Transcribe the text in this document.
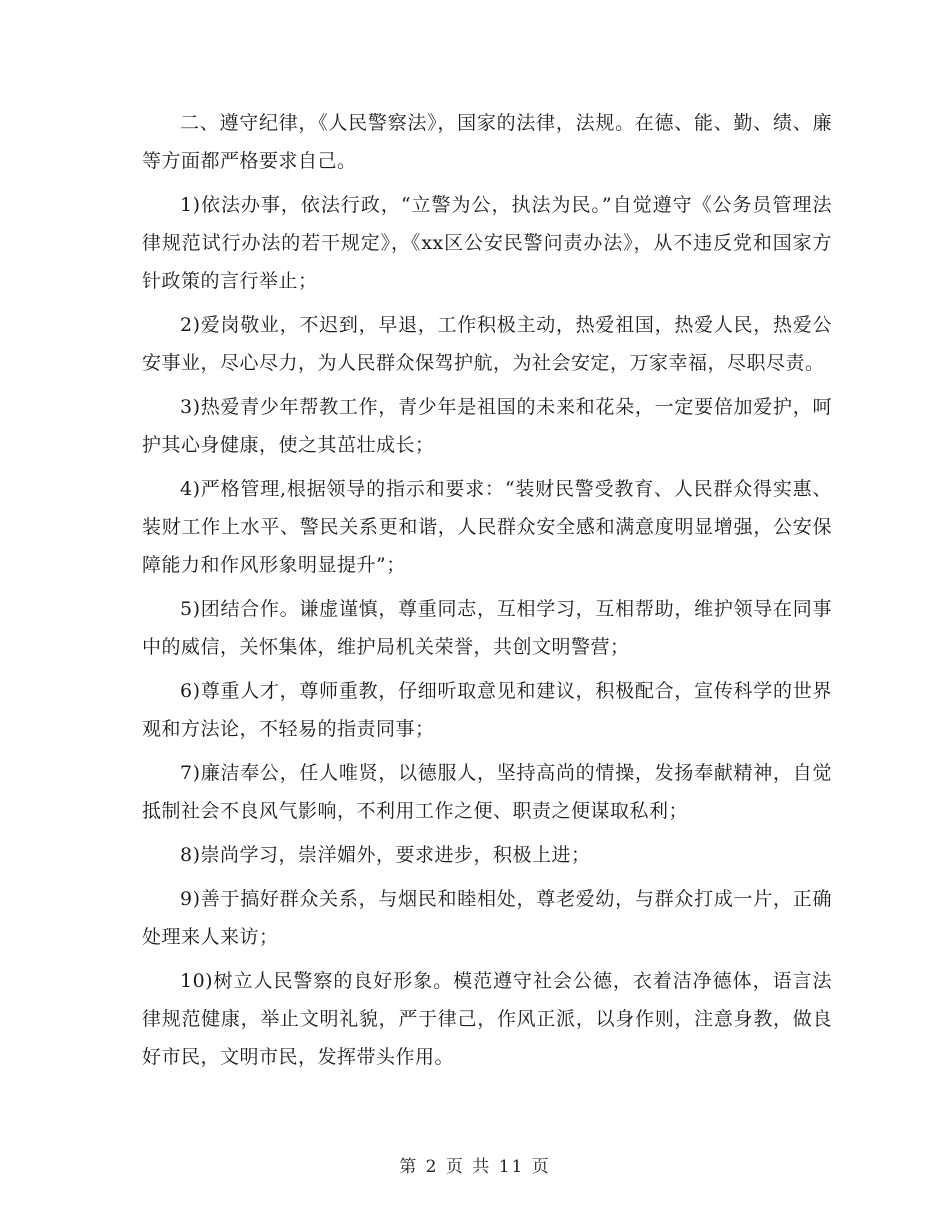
二、遵守纪律，《人民警察法》，国家的法律，法规。在德、能、勤、绩、廉等方面都严格要求自己。

1)依法办事，依法行政，“立警为公，执法为民。”自觉遵守《公务员管理法律规范试行办法的若干规定》，《xx区公安民警问责办法》，从不违反党和国家方针政策的言行举止；

2)爱岗敬业，不迟到，早退，工作积极主动，热爱祖国，热爱人民，热爱公安事业，尽心尽力，为人民群众保驾护航，为社会安定，万家幸福，尽职尽责。

3)热爱青少年帮教工作，青少年是祖国的未来和花朵，一定要倍加爱护，呵护其心身健康，使之其茁壮成长；

4)严格管理,根据领导的指示和要求：“装财民警受教育、人民群众得实惠、装财工作上水平、警民关系更和谐，人民群众安全感和满意度明显增强，公安保障能力和作风形象明显提升”；

5)团结合作。谦虚谨慎，尊重同志，互相学习，互相帮助，维护领导在同事中的威信，关怀集体，维护局机关荣誉，共创文明警营；

6)尊重人才，尊师重教，仔细听取意见和建议，积极配合，宣传科学的世界观和方法论，不轻易的指责同事；

7)廉洁奉公，任人唯贤，以德服人，坚持高尚的情操，发扬奉献精神，自觉抵制社会不良风气影响，不利用工作之便、职责之便谋取私利；

8)崇尚学习，崇洋媚外，要求进步，积极上进；

9)善于搞好群众关系，与烟民和睦相处，尊老爱幼，与群众打成一片，正确处理来人来访；

10)树立人民警察的良好形象。模范遵守社会公德，衣着洁净德体，语言法律规范健康，举止文明礼貌，严于律己，作风正派，以身作则，注意身教，做良好市民，文明市民，发挥带头作用。

第 2 页 共 11 页
